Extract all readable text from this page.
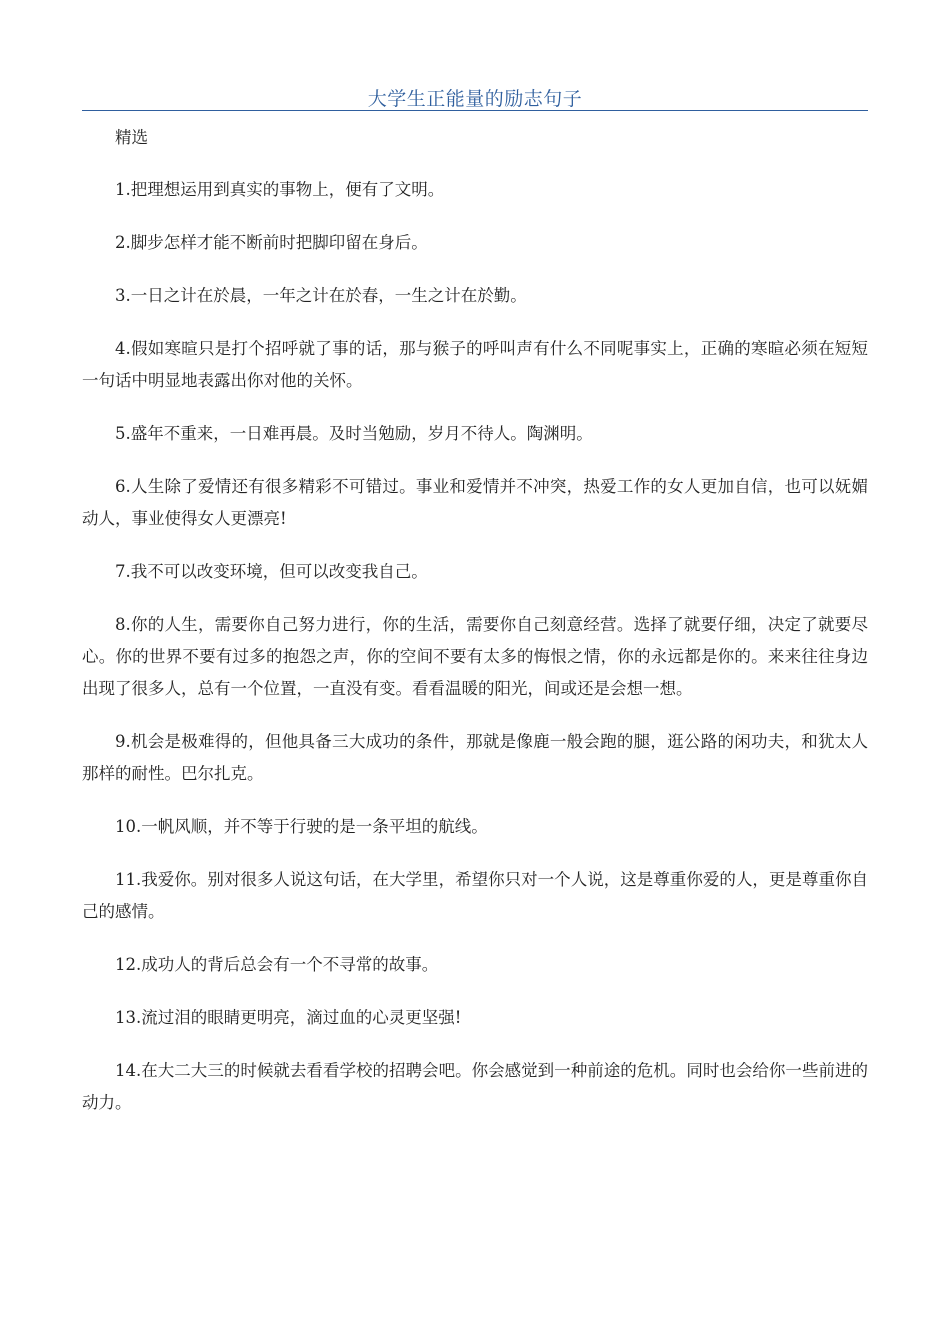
大学生正能量的励志句子

精选

1.把理想运用到真实的事物上，便有了文明。

2.脚步怎样才能不断前时把脚印留在身后。

3.一日之计在於晨，一年之计在於春，一生之计在於勤。

4.假如寒暄只是打个招呼就了事的话，那与猴子的呼叫声有什么不同呢事实上，正确的寒暄必须在短短一句话中明显地表露出你对他的关怀。

5.盛年不重来，一日难再晨。及时当勉励，岁月不待人。陶渊明。

6.人生除了爱情还有很多精彩不可错过。事业和爱情并不冲突，热爱工作的女人更加自信，也可以妩媚动人，事业使得女人更漂亮!

7.我不可以改变环境，但可以改变我自己。

8.你的人生，需要你自己努力进行，你的生活，需要你自己刻意经营。选择了就要仔细，决定了就要尽心。你的世界不要有过多的抱怨之声，你的空间不要有太多的悔恨之情，你的永远都是你的。来来往往身边出现了很多人，总有一个位置，一直没有变。看看温暖的阳光，间或还是会想一想。

9.机会是极难得的，但他具备三大成功的条件，那就是像鹿一般会跑的腿，逛公路的闲功夫，和犹太人那样的耐性。巴尔扎克。

10.一帆风顺，并不等于行驶的是一条平坦的航线。

11.我爱你。别对很多人说这句话，在大学里，希望你只对一个人说，这是尊重你爱的人，更是尊重你自己的感情。

12.成功人的背后总会有一个不寻常的故事。

13.流过泪的眼睛更明亮，滴过血的心灵更坚强!

14.在大二大三的时候就去看看学校的招聘会吧。你会感觉到一种前途的危机。同时也会给你一些前进的动力。
